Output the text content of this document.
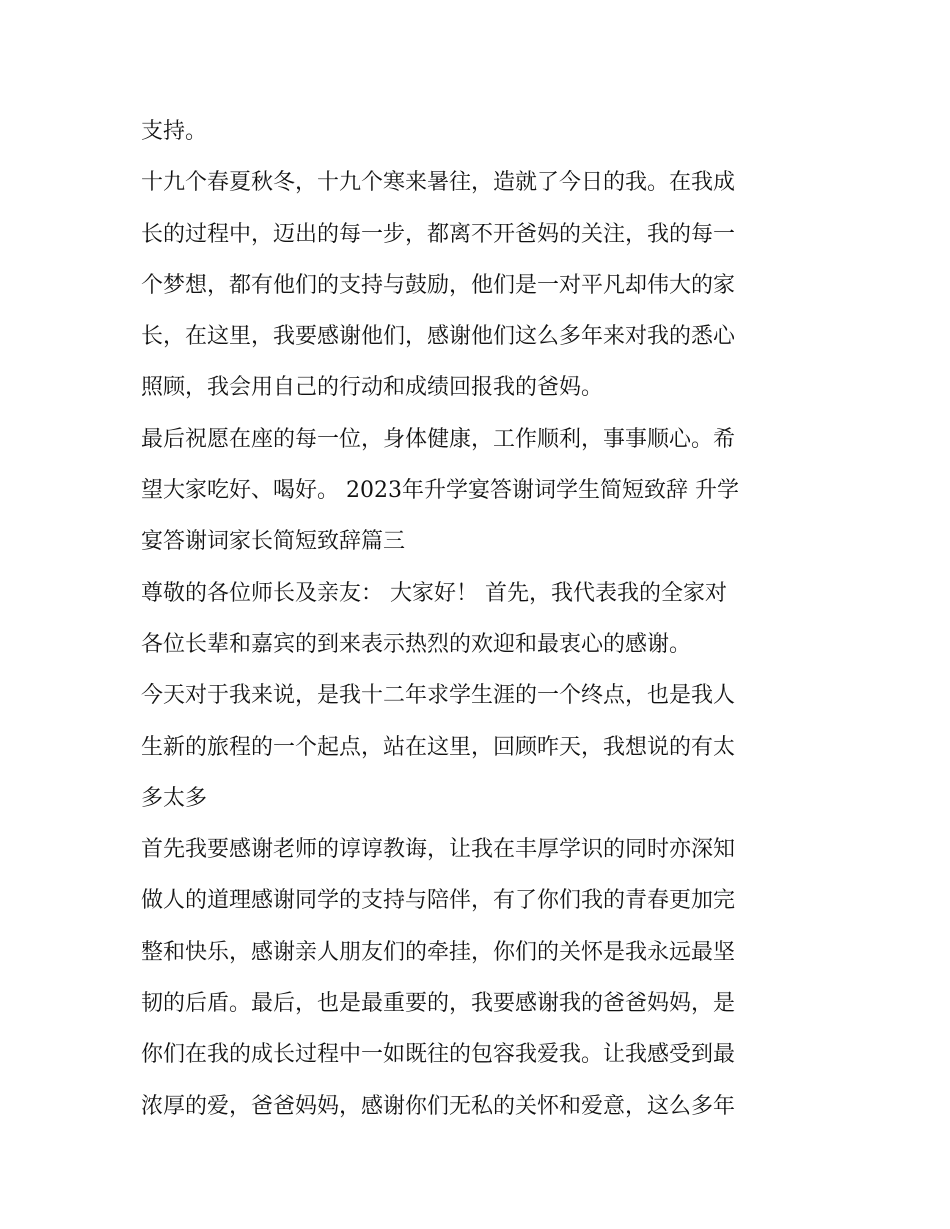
支持。
十九个春夏秋冬，十九个寒来暑往，造就了今日的我。在我成
长的过程中，迈出的每一步，都离不开爸妈的关注，我的每一
个梦想，都有他们的支持与鼓励，他们是一对平凡却伟大的家
长，在这里，我要感谢他们，感谢他们这么多年来对我的悉心
照顾，我会用自己的行动和成绩回报我的爸妈。
最后祝愿在座的每一位，身体健康，工作顺利，事事顺心。希
望大家吃好、喝好。 2023年升学宴答谢词学生简短致辞 升学
宴答谢词家长简短致辞篇三
尊敬的各位师长及亲友： 大家好！ 首先，我代表我的全家对
各位长辈和嘉宾的到来表示热烈的欢迎和最衷心的感谢。
今天对于我来说，是我十二年求学生涯的一个终点，也是我人
生新的旅程的一个起点，站在这里，回顾昨天，我想说的有太
多太多
首先我要感谢老师的谆谆教诲，让我在丰厚学识的同时亦深知
做人的道理感谢同学的支持与陪伴，有了你们我的青春更加完
整和快乐，感谢亲人朋友们的牵挂，你们的关怀是我永远最坚
韧的后盾。最后，也是最重要的，我要感谢我的爸爸妈妈，是
你们在我的成长过程中一如既往的包容我爱我。让我感受到最
浓厚的爱，爸爸妈妈，感谢你们无私的关怀和爱意，这么多年
